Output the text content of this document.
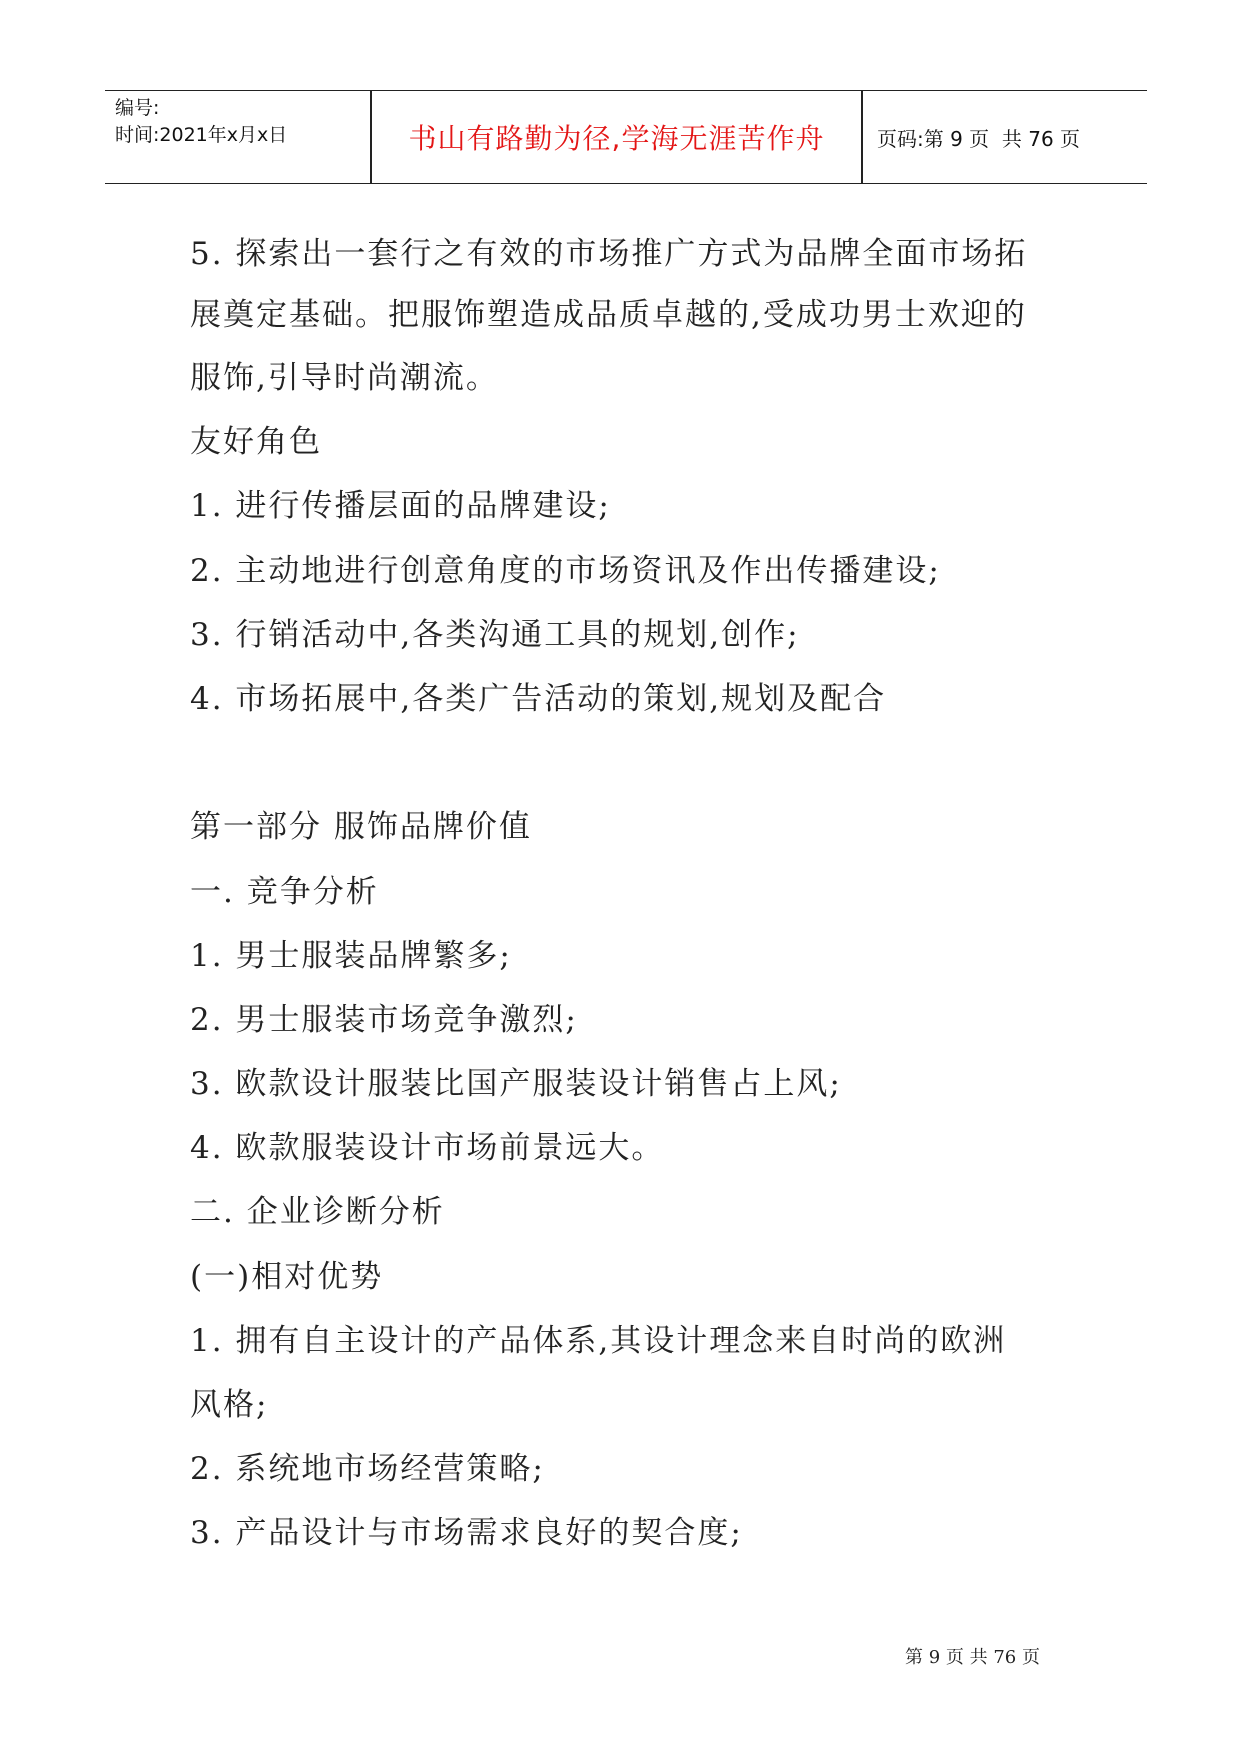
编号:
时间:2021年x月x日	书山有路勤为径,学海无涯苦作舟	页码:第 9 页  共 76 页
5. 探索出一套行之有效的市场推广方式为品牌全面市场拓
展奠定基础。把服饰塑造成品质卓越的,受成功男士欢迎的
服饰,引导时尚潮流。
友好角色
1. 进行传播层面的品牌建设;
2. 主动地进行创意角度的市场资讯及作出传播建设;
3. 行销活动中,各类沟通工具的规划,创作;
4. 市场拓展中,各类广告活动的策划,规划及配合
第一部分 服饰品牌价值
一. 竞争分析
1. 男士服装品牌繁多;
2. 男士服装市场竞争激烈;
3. 欧款设计服装比国产服装设计销售占上风;
4. 欧款服装设计市场前景远大。
二. 企业诊断分析
(一)相对优势
1. 拥有自主设计的产品体系,其设计理念来自时尚的欧洲
风格;
2. 系统地市场经营策略;
3. 产品设计与市场需求良好的契合度;
第 9 页 共 76 页
